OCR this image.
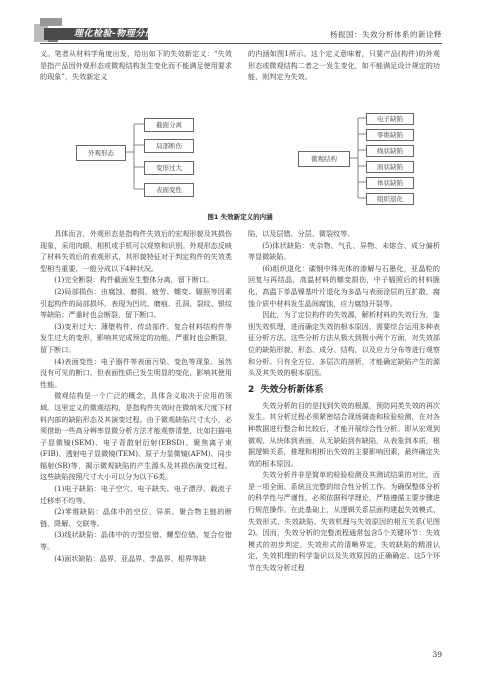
理化检验-物理分册	杨振国：失效分析体系的新诠释

义。笔者从材料学角度出发，给出如下的失效新定义：“失效是指产品因外观形态或微观结构发生变化而不能满足使用要求的现象”，失效新定义

的内涵如图1所示。这个定义意味着，只要产品(构件)的外观形态或微观结构二者之一发生变化，如不能满足设计规定的功能，则判定为失效。

外观形态
截面分离
局部断伤
变形过大
表面变性
微观结构
电子缺陷
零维缺陷
线状缺陷
面状缺陷
体状缺陷
组织退化
图1 失效新定义的内涵

具体而言，外观形态是指构件失效后的宏观形貌及其损伤现象，采用肉眼、相机或手机可以观察和识别。外观形态反映了材料失效后的表观形式，其形貌特征对于判定构件的失效类型相当重要，一般分成以下4种状况。

(1)完全断裂：构件截面发生整体分离，留下断口。

(2)局部损伤：由腐蚀、磨损、疲劳、蠕变、辐照等因素引起构件的局部损坏，表现为凹坑、磨痕、孔洞、裂纹、银纹等缺陷；严重时也会断裂，留下断口。

(3)变形过大：薄壁构件、传动部件、复合材料结构件等发生过大的变形，影响其完成预定的功能，严重时也会断裂，留下断口。

(4)表面变性：电子器件等表面污染、变色等现象。虽然没有可见的断口，但表面性质已发生明显的变化，影响其使用性能。

微观结构是一个广泛的概念，具体含义取决于应用的领域。这里定义的微观结构，是指构件失效时在微纳米尺度下材料内部的缺陷形态及其演变过程。由于微观缺陷尺寸太小，必须借助一些高分辨率显微分析方法才能观察清楚，比如扫描电子显微镜(SEM)、电子背散射衍射(EBSD)、聚焦离子束(FIB)、透射电子显微镜(TEM)、原子力显微镜(AFM)、同步辐射(SR)等，揭示微观缺陷的产生源头及其损伤演变过程。这些缺陷按照尺寸大小可以分为以下6类。

(1)电子缺陷：电子空穴、电子缺失、电子漂浮、载流子迁移率不均等。

(2)零维缺陷：晶体中的空位、异质、聚合物主链的断链、降解、交联等。

(3)线状缺陷：晶体中的刃型位错、螺型位错、复合位错等。

(4)面状缺陷：晶界、亚晶界、孪晶界、相界等缺

陷，以及层错、分层、微裂纹等。

(5)体状缺陷：夹杂物、气孔、异物、未熔合、成分偏析等显微缺陷。

(6)组织退化：碳钢中珠光体的渗解与石墨化，亚晶粒的回复与再结晶，高温材料的蠕变损伤，中子辐照后的材料脆化，高温下单晶镍基叶片退化为多晶与表面涂层的互扩散，腐蚀介质中材料发生晶间腐蚀，应力腐蚀开裂等。

因此，为了定位构件的失效源，解析材料的失效行为，鉴别失效机理，进而确定失效的根本原因，需要综合运用多种表征分析方法。这些分析方法从极大到极小两个方面，对失效部位的缺陷形貌、形态、成分、结构，以及应力分布等进行观察和分析。只有全方位、多层次的剖析，才能确定缺陷产生的源头及其失效的根本原因。

2 失效分析新体系

失效分析的目的是找到失效的根源，预防同类失效的再次发生。其分析过程必须紧密结合现场调查和检验检测，在对各种数据进行整合和比较后，才能开展综合性分析。即从宏观到微观、从块体到表面，从无缺陷到有缺陷，从表象到本质，根据逻辑关系，推理和相析出失效的主要影响因素，最终确定失效的根本原因。

失效分析并非是简单的检验检测及其测试结果的对比，而是一项全面、系统且完整的综合性分析工作。为确保整体分析的科学性与严谨性，必须依据科学理论，严格遵循主要步骤进行规范操作。在此基础上，从逻辑关系层面构建起失效模式、失效形式、失效缺陷、失效机理与失效原因的相互关系(见图2)。因而，失效分析的完整流程通常包含5个关键环节：失效模式的初步判定，失效形式的清晰界定，失效缺陷的精准认定，失效机理的科学鉴识以及失效原因的正确确定。这5个环节在失效分析过程

39
